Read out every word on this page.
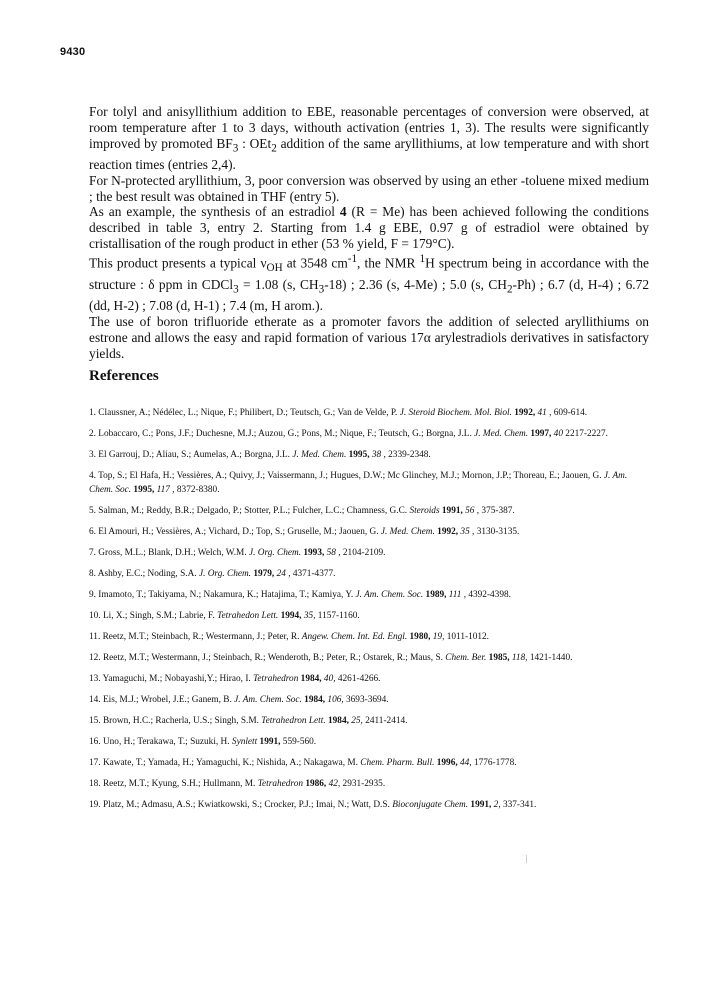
9430

For tolyl and anisyllithium addition to EBE, reasonable percentages of conversion were observed, at room temperature after 1 to 3 days, withouth activation (entries 1, 3). The results were significantly improved by promoted $BF_3$ : OEt$_2$ addition of the same aryllithiums, at low temperature and with short reaction times (entries 2,4).

For N-protected aryllithium, 3, poor conversion was observed by using an ether -toluene mixed medium ; the best result was obtained in THF (entry 5).

As an example, the synthesis of an estradiol 4 (R = Me) has been achieved following the conditions described in table 3, entry 2. Starting from 1.4 g EBE, 0.97 g of estradiol were obtained by cristallisation of the rough product in ether (53 % yield, F = 179°C).

This product presents a typical $\nu_{OH}$ at 3548 $cm^{-1}$, the NMR $^1$H spectrum being in accordance with the structure : δ ppm in CDCl$_3$ = 1.08 (s, $CH_3-18$) ; 2.36 (s, 4-Me) ; 5.0 (s, $CH_2-Ph$) ; 6.7 (d, H-4) ; 6.72 (dd, H-2) ; 7.08 (d, H-1) ; 7.4 (m, H arom.).

The use of boron trifluoride etherate as a promoter favors the addition of selected aryllithiums on estrone and allows the easy and rapid formation of various 17α arylestradiols derivatives in satisfactory yields.

References
1. Claussner, A.; Nédélec, L.; Nique, F.; Philibert, D.; Teutsch, G.; Van de Velde, P. J. Steroid Biochem. Mol. Biol. 1992, 41 , 609-614.
2. Lobaccaro, C.; Pons, J.F.; Duchesne, M.J.; Auzou, G.; Pons, M.; Nique, F.; Teutsch, G.; Borgna, J.L. J. Med. Chem. 1997, 40 2217-2227.
3. El Garrouj, D.; Aliau, S.; Aumelas, A.; Borgna, J.L. J. Med. Chem. 1995, 38 , 2339-2348.
4. Top, S.; El Hafa, H.; Vessières, A.; Quivy, J.; Vaissermann, J.; Hugues, D.W.; Mc Glinchey, M.J.; Mornon, J.P.; Thoreau, E.; Jaouen, G. J. Am. Chem. Soc. 1995, 117 , 8372-8380.
5. Salman, M.; Reddy, B.R.; Delgado, P.; Stotter, P.L.; Fulcher, L.C.; Chamness, G.C. Steroids 1991, 56 , 375-387.
6. El Amouri, H.; Vessières, A.; Vichard, D.; Top, S.; Gruselle, M.; Jaouen, G. J. Med. Chem. 1992, 35 , 3130-3135.
7. Gross, M.L.; Blank, D.H.; Welch, W.M. J. Org. Chem. 1993, 58 , 2104-2109.
8. Ashby, E.C.; Noding, S.A. J. Org. Chem. 1979, 24 , 4371-4377.
9. Imamoto, T.; Takiyama, N.; Nakamura, K.; Hatajima, T.; Kamiya, Y. J. Am. Chem. Soc. 1989, 111 , 4392-4398.
10. Li, X.; Singh, S.M.; Labrie, F. Tetrahedon Lett. 1994, 35, 1157-1160.
11. Reetz, M.T.; Steinbach, R.; Westermann, J.; Peter, R. Angew. Chem. Int. Ed. Engl. 1980, 19, 1011-1012.
12. Reetz, M.T.; Westermann, J.; Steinbach, R.; Wenderoth, B.; Peter, R.; Ostarek, R.; Maus, S. Chem. Ber. 1985, 118, 1421-1440.
13. Yamaguchi, M.; Nobayashi,Y.; Hirao, I. Tetrahedron 1984, 40, 4261-4266.
14. Eis, M.J.; Wrobel, J.E.; Ganem, B. J. Am. Chem. Soc. 1984, 106, 3693-3694.
15. Brown, H.C.; Racherla, U.S.; Singh, S.M. Tetrahedron Lett. 1984, 25, 2411-2414.
16. Uno, H.; Terakawa, T.; Suzuki, H. Synlett 1991, 559-560.
17. Kawate, T.; Yamada, H.; Yamaguchi, K.; Nishida, A.; Nakagawa, M. Chem. Pharm. Bull. 1996, 44, 1776-1778.
18. Reetz, M.T.; Kyung, S.H.; Hullmann, M. Tetrahedron 1986, 42, 2931-2935.
19. Platz, M.; Admasu, A.S.; Kwiatkowski, S.; Crocker, P.J.; Imai, N.; Watt, D.S. Bioconjugate Chem. 1991, 2, 337-341.
